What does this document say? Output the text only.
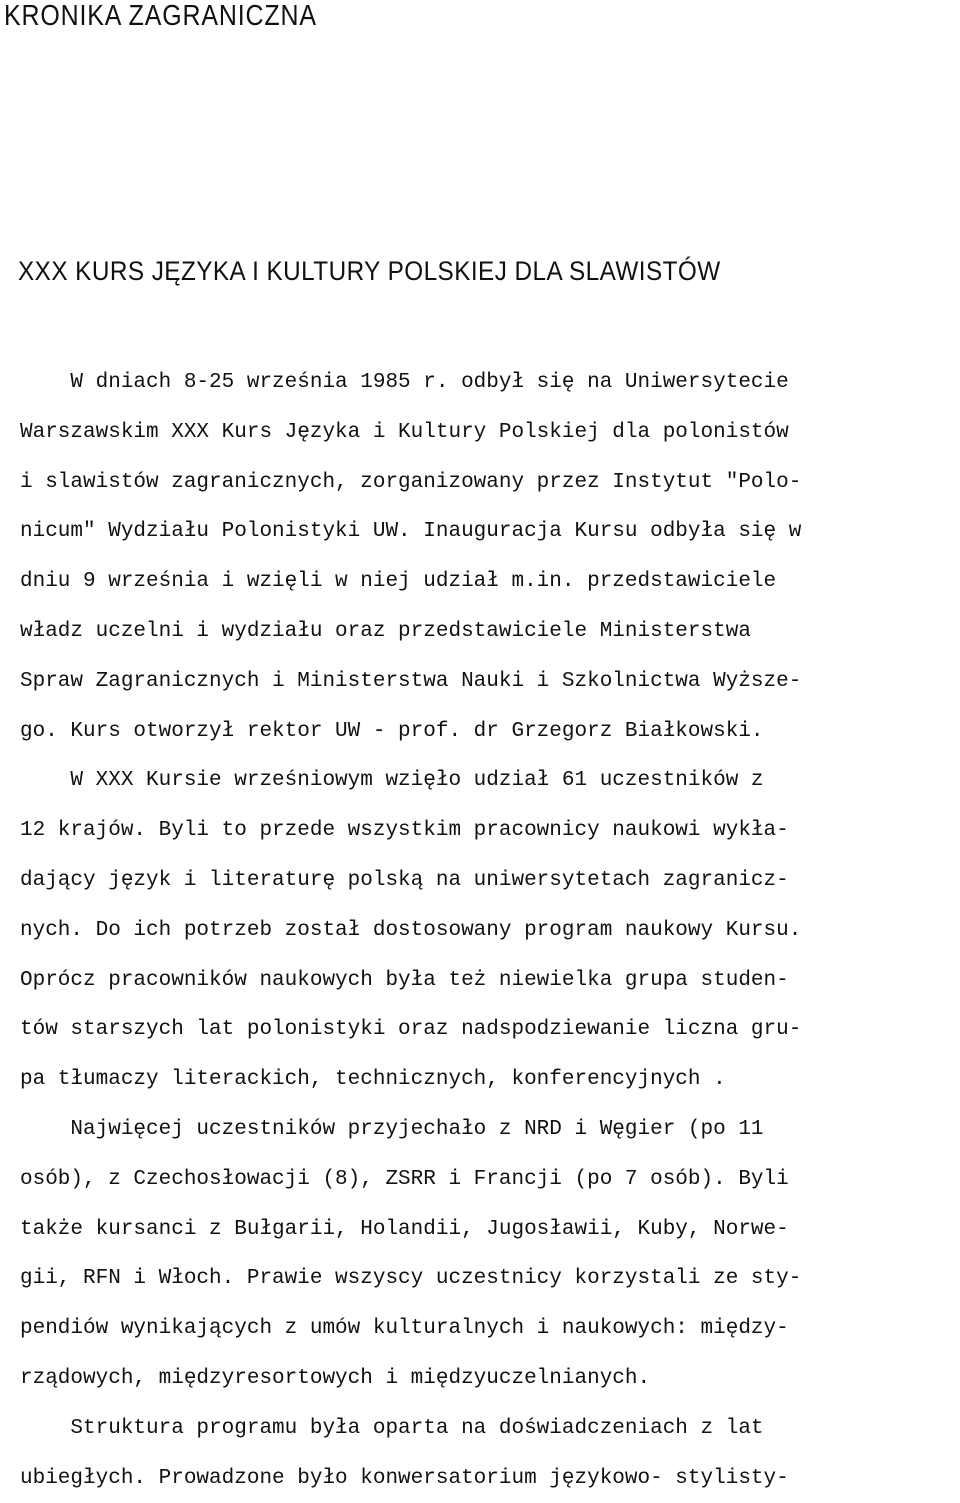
KRONIKA ZAGRANICZNA
XXX KURS JĘZYKA I KULTURY POLSKIEJ DLA SLAWISTÓW
W dniach 8-25 września 1985 r. odbył się na Uniwersytecie
Warszawskim XXX Kurs Języka i Kultury Polskiej dla polonistów
i slawistów zagranicznych, zorganizowany przez Instytut "Polo-
nicum" Wydziału Polonistyki UW. Inauguracja Kursu odbyła się w
dniu 9 września i wzięli w niej udział m.in. przedstawiciele
władz uczelni i wydziału oraz przedstawiciele Ministerstwa
Spraw Zagranicznych i Ministerstwa Nauki i Szkolnictwa Wyższe-
go. Kurs otworzył rektor UW - prof. dr Grzegorz Białkowski.
W XXX Kursie wrześniowym wzięło udział 61 uczestników z
12 krajów. Byli to przede wszystkim pracownicy naukowi wykła-
dający język i literaturę polską na uniwersytetach zagranicz-
nych. Do ich potrzeb został dostosowany program naukowy Kursu.
Oprócz pracowników naukowych była też niewielka grupa studen-
tów starszych lat polonistyki oraz nadspodziewanie liczna gru-
pa tłumaczy literackich, technicznych, konferencyjnych .
Najwięcej uczestników przyjechało z NRD i Węgier (po 11
osób), z Czechosłowacji (8), ZSRR i Francji (po 7 osób). Byli
także kursanci z Bułgarii, Holandii, Jugosławii, Kuby, Norwe-
gii, RFN i Włoch. Prawie wszyscy uczestnicy korzystali ze sty-
pendiów wynikających z umów kulturalnych i naukowych: między-
rządowych, międzyresortowych i międzyuczelnianych.
Struktura programu była oparta na doświadczeniach z lat
ubiegłych. Prowadzone było konwersatorium językowo- stylisty-
